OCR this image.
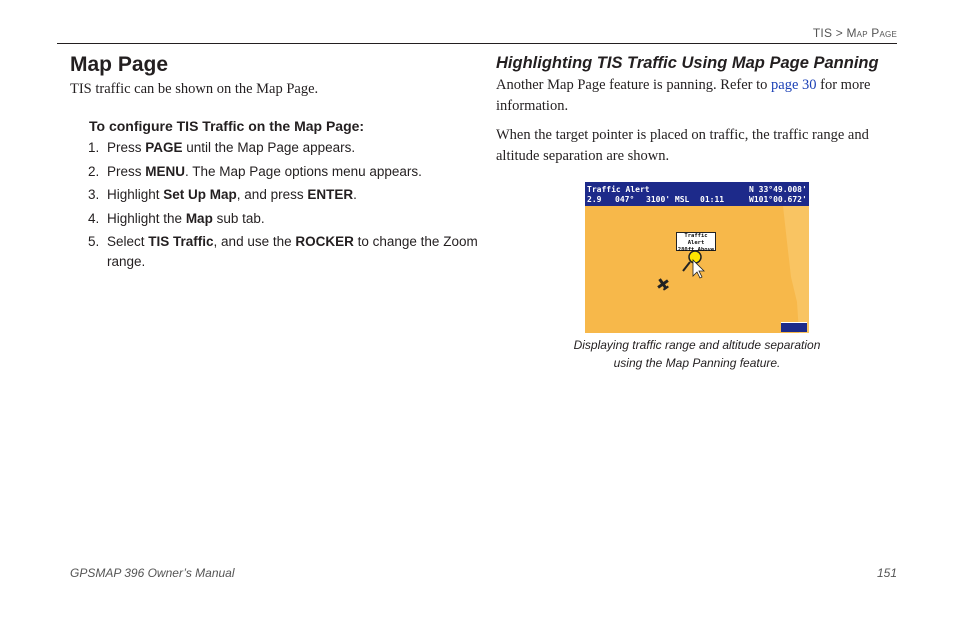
TIS > Map Page
Map Page
TIS traffic can be shown on the Map Page.
To configure TIS Traffic on the Map Page:
1. Press PAGE until the Map Page appears.
2. Press MENU. The Map Page options menu appears.
3. Highlight Set Up Map, and press ENTER.
4. Highlight the Map sub tab.
5. Select TIS Traffic, and use the ROCKER to change the Zoom range.
Highlighting TIS Traffic Using Map Page Panning
Another Map Page feature is panning. Refer to page 30 for more information.
When the target pointer is placed on traffic, the traffic range and altitude separation are shown.
Traffic Alert
2.9 047° 3100' MSL 01:11
N 33°49.008'
W101°00.672'
Traffic Alert
280ft Above
Displaying traffic range and altitude separation
using the Map Panning feature.
GPSMAP 396 Owner’s Manual	151
